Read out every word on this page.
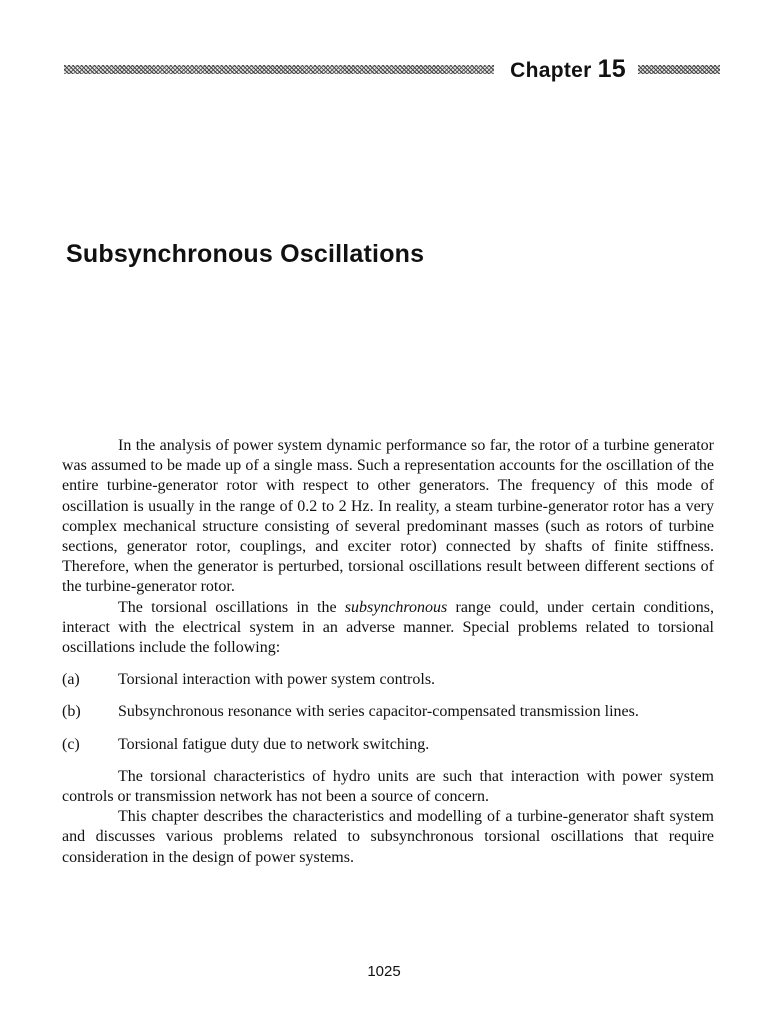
Chapter 15
Subsynchronous Oscillations

In the analysis of power system dynamic performance so far, the rotor of a turbine generator was assumed to be made up of a single mass. Such a representation accounts for the oscillation of the entire turbine-generator rotor with respect to other generators. The frequency of this mode of oscillation is usually in the range of 0.2 to 2 Hz. In reality, a steam turbine-generator rotor has a very complex mechanical structure consisting of several predominant masses (such as rotors of turbine sections, generator rotor, couplings, and exciter rotor) connected by shafts of finite stiffness. Therefore, when the generator is perturbed, torsional oscillations result between different sections of the turbine-generator rotor.

The torsional oscillations in the subsynchronous range could, under certain conditions, interact with the electrical system in an adverse manner. Special problems related to torsional oscillations include the following:

(a)	Torsional interaction with power system controls.
(b)	Subsynchronous resonance with series capacitor-compensated transmission lines.
(c)	Torsional fatigue duty due to network switching.

The torsional characteristics of hydro units are such that interaction with power system controls or transmission network has not been a source of concern.

This chapter describes the characteristics and modelling of a turbine-generator shaft system and discusses various problems related to subsynchronous torsional oscillations that require consideration in the design of power systems.

1025
